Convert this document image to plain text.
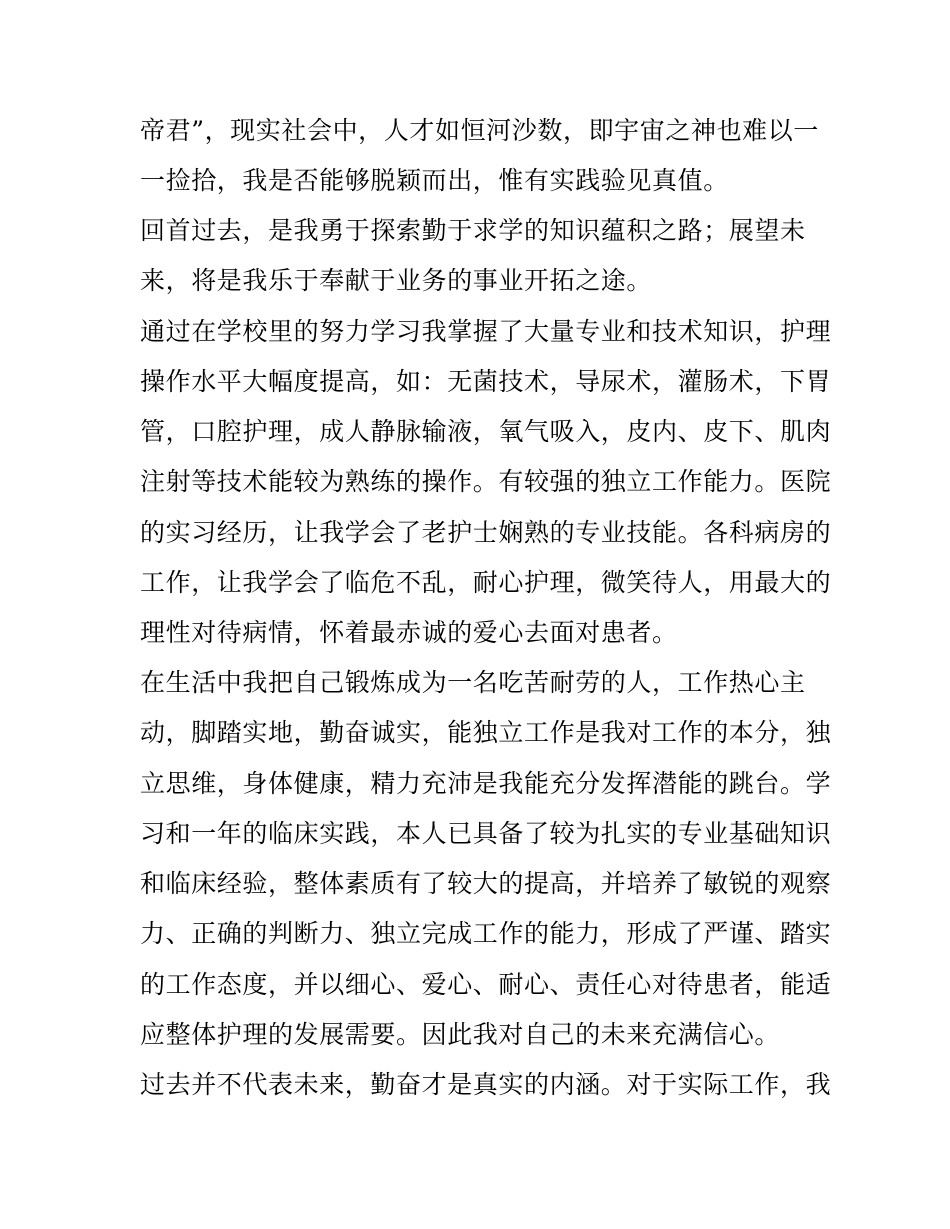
帝君”，现实社会中，人才如恒河沙数，即宇宙之神也难以一
一捡拾，我是否能够脱颖而出，惟有实践验见真值。
回首过去，是我勇于探索勤于求学的知识蕴积之路；展望未
来，将是我乐于奉献于业务的事业开拓之途。
通过在学校里的努力学习我掌握了大量专业和技术知识，护理
操作水平大幅度提高，如：无菌技术，导尿术，灌肠术，下胃
管，口腔护理，成人静脉输液，氧气吸入，皮内、皮下、肌肉
注射等技术能较为熟练的操作。有较强的独立工作能力。医院
的实习经历，让我学会了老护士娴熟的专业技能。各科病房的
工作，让我学会了临危不乱，耐心护理，微笑待人，用最大的
理性对待病情，怀着最赤诚的爱心去面对患者。
在生活中我把自己锻炼成为一名吃苦耐劳的人，工作热心主
动，脚踏实地，勤奋诚实，能独立工作是我对工作的本分，独
立思维，身体健康，精力充沛是我能充分发挥潜能的跳台。学
习和一年的临床实践，本人已具备了较为扎实的专业基础知识
和临床经验，整体素质有了较大的提高，并培养了敏锐的观察
力、正确的判断力、独立完成工作的能力，形成了严谨、踏实
的工作态度，并以细心、爱心、耐心、责任心对待患者，能适
应整体护理的发展需要。因此我对自己的未来充满信心。
过去并不代表未来，勤奋才是真实的内涵。对于实际工作，我
